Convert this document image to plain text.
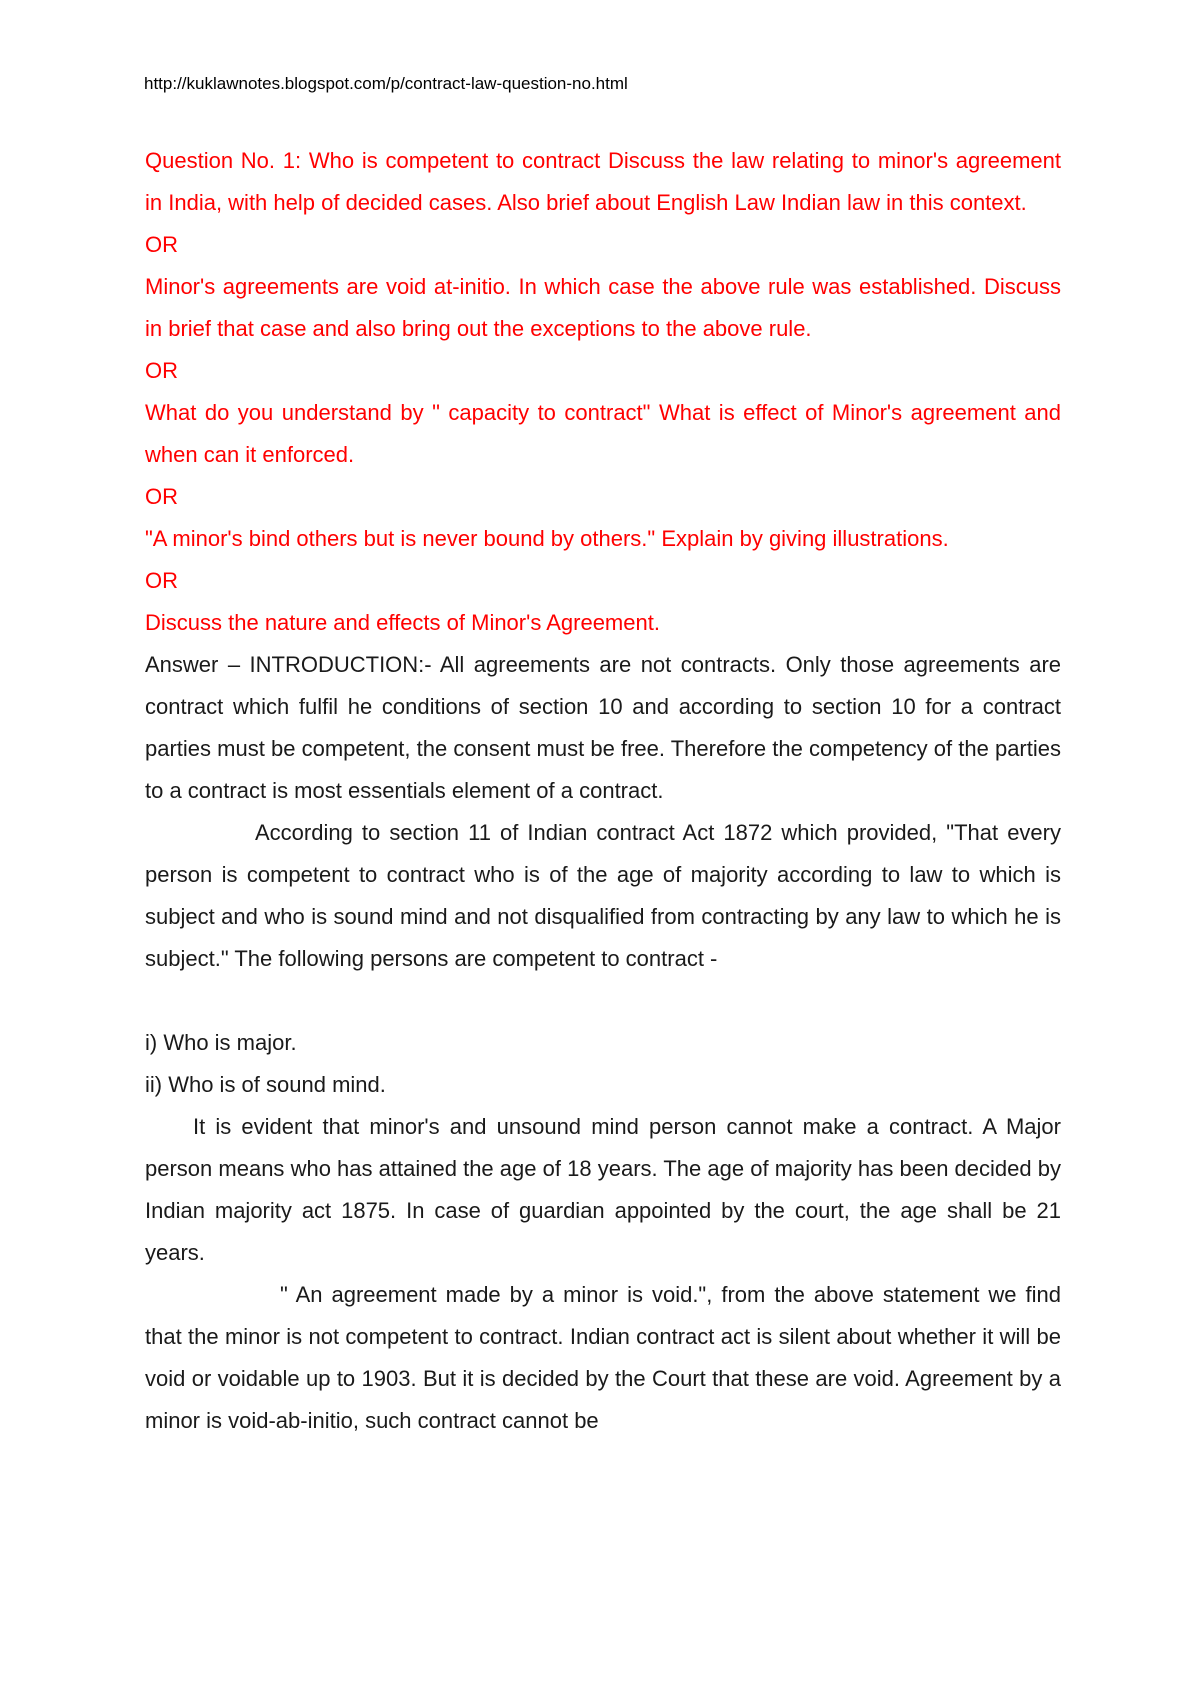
http://kuklawnotes.blogspot.com/p/contract-law-question-no.html

Question No. 1: Who is competent to contract Discuss the law relating to minor's agreement in India, with help of decided cases. Also brief about English Law Indian law in this context.

OR

Minor's agreements are void at-initio. In which case the above rule was established. Discuss in brief that case and also bring out the exceptions to the above rule.

OR

What do you understand by " capacity to contract" What is effect of Minor's agreement and when can it enforced.

OR

"A minor's bind others but is never bound by others." Explain by giving illustrations.

OR

Discuss the nature and effects of Minor's Agreement.

Answer – INTRODUCTION:- All agreements are not contracts. Only those agreements are contract which fulfil he conditions of section 10 and according to section 10 for a contract parties must be competent, the consent must be free. Therefore the competency of the parties to a contract is most essentials element of a contract.

According to section 11 of Indian contract Act 1872 which provided, "That every person is competent to contract who is of the age of majority according to law to which is subject and who is sound mind and not disqualified from contracting by any law to which he is subject." The following persons are competent to contract -

i) Who is major.

ii) Who is of sound mind.

It is evident that minor's and unsound mind person cannot make a contract. A Major person means who has attained the age of 18 years. The age of majority has been decided by Indian majority act 1875. In case of guardian appointed by the court, the age shall be 21 years.

" An agreement made by a minor is void.", from the above statement we find that the minor is not competent to contract. Indian contract act is silent about whether it will be void or voidable up to 1903. But it is decided by the Court that these are void. Agreement by a minor is void-ab-initio, such contract cannot be
